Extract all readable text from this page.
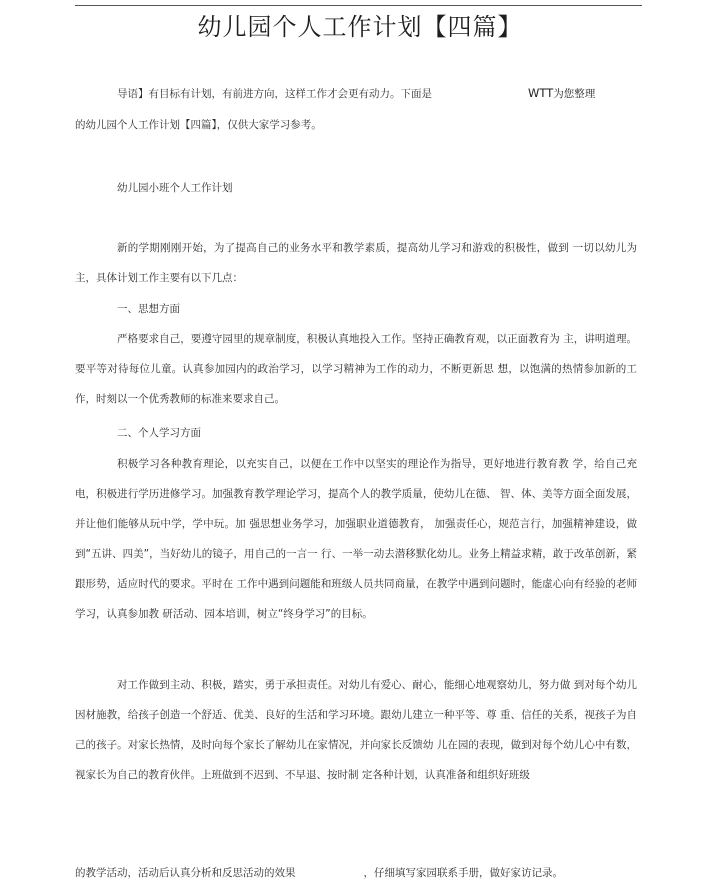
幼儿园个人工作计划【四篇】
导语】有目标有计划，有前进方向，这样工作才会更有动力。下面是	WTT为您整理
的幼儿园个人工作计划【四篇】，仅供大家学习参考。
幼儿园小班个人工作计划

新的学期刚刚开始，为了提高自己的业务水平和教学素质，提高幼儿学习和游戏的积极性，做到 一切以幼儿为主，具体计划工作主要有以下几点：

一、思想方面

严格要求自己，要遵守园里的规章制度，积极认真地投入工作。坚持正确教育观，以正面教育为 主，讲明道理。要平等对待每位儿童。认真参加园内的政治学习，以学习精神为工作的动力，不断更新思 想，以饱满的热情参加新的工作，时刻以一个优秀教师的标准来要求自己。

二、个人学习方面

积极学习各种教育理论，以充实自己，以便在工作中以坚实的理论作为指导，更好地进行教育教 学，给自己充电，积极进行学历进修学习。加强教育教学理论学习，提高个人的教学质量，使幼儿在德、 智、体、美等方面全面发展，并让他们能够从玩中学，学中玩。加 强思想业务学习，加强职业道德教育， 加强责任心，规范言行，加强精神建设，做到“五讲、四美”，当好幼儿的镜子，用自己的一言一 行、一举一动去潜移默化幼儿。业务上精益求精，敢于改革创新，紧跟形势，适应时代的要求。平时在 工作中遇到问题能和班级人员共同商量，在教学中遇到问题时，能虚心向有经验的老师学习，认真参加教 研活动、园本培训，树立“终身学习”的目标。

对工作做到主动、积极，踏实，勇于承担责任。对幼儿有爱心、耐心，能细心地观察幼儿，努力做 到对每个幼儿因材施教，给孩子创造一个舒适、优美、良好的生活和学习环境。跟幼儿建立一种平等、尊 重、信任的关系，视孩子为自己的孩子。对家长热情，及时向每个家长了解幼儿在家情况，并向家长反馈幼 儿在园的表现，做到对每个幼儿心中有数，视家长为自己的教育伙伴。上班做到不迟到、不早退、按时制 定各种计划，认真准备和组织好班级

的教学活动，活动后认真分析和反思活动的效果	，仔细填写家园联系手册，做好家访记录。
